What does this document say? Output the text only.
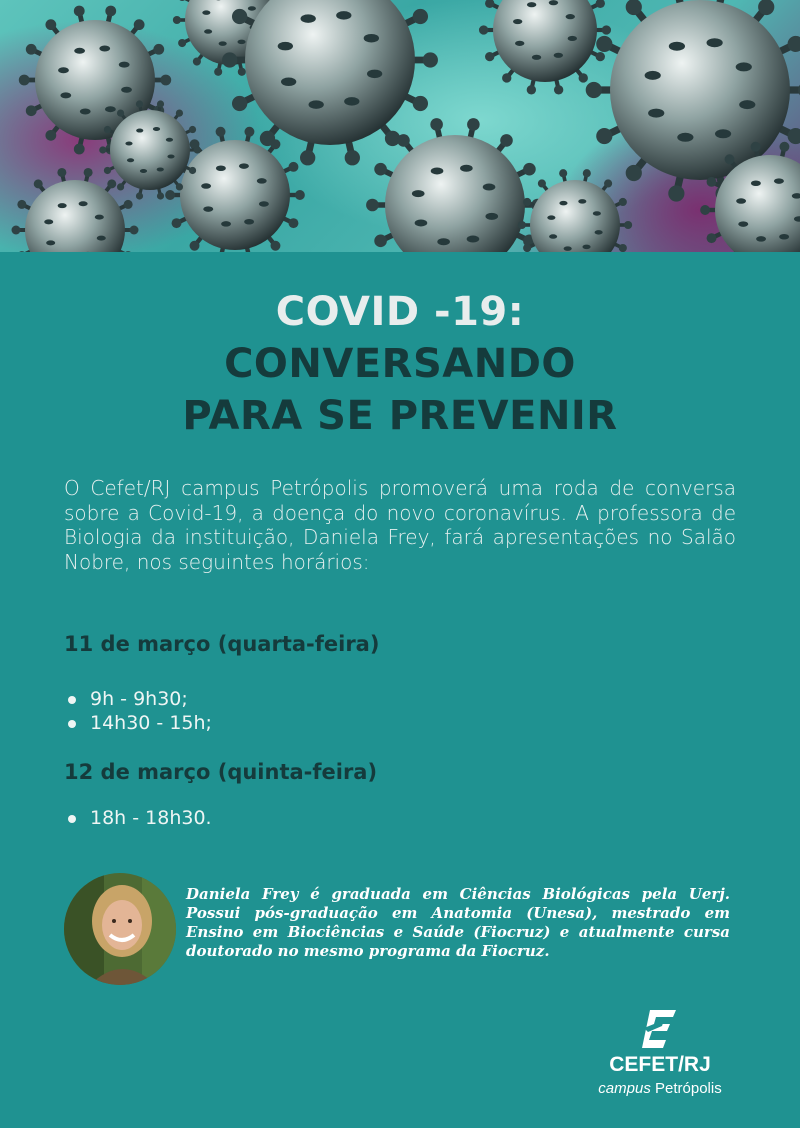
COVID -19:
CONVERSANDO
PARA SE PREVENIR
O Cefet/RJ campus Petrópolis promoverá uma roda de conversa sobre a Covid-19, a doença do novo coronavírus. A professora de Biologia da instituição, Daniela Frey, fará apresentações no Salão Nobre, nos seguintes horários:
11 de março (quarta-feira)
9h - 9h30;
14h30 - 15h;
12 de março (quinta-feira)
18h - 18h30.
Daniela Frey é graduada em Ciências Biológicas pela Uerj. Possui pós-graduação em Anatomia (Unesa), mestrado em Ensino em Biociências e Saúde (Fiocruz) e atualmente cursa doutorado no mesmo programa da Fiocruz.
CEFET/RJ
campus Petrópolis
